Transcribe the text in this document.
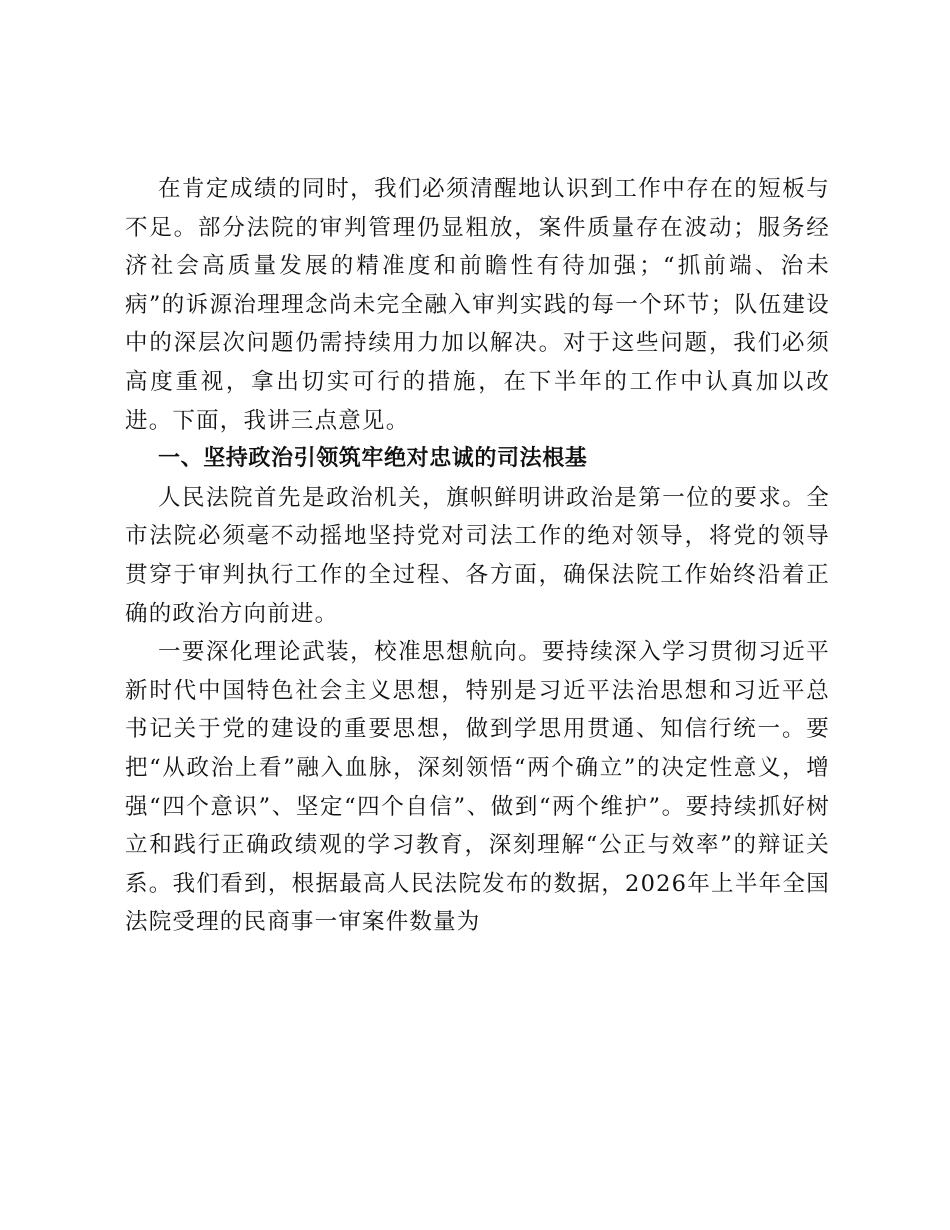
在肯定成绩的同时，我们必须清醒地认识到工作中存在的短板与不足。部分法院的审判管理仍显粗放，案件质量存在波动；服务经济社会高质量发展的精准度和前瞻性有待加强；“抓前端、治未病”的诉源治理理念尚未完全融入审判实践的每一个环节；队伍建设中的深层次问题仍需持续用力加以解决。对于这些问题，我们必须高度重视，拿出切实可行的措施，在下半年的工作中认真加以改进。下面，我讲三点意见。

一、坚持政治引领筑牢绝对忠诚的司法根基

人民法院首先是政治机关，旗帜鲜明讲政治是第一位的要求。全市法院必须毫不动摇地坚持党对司法工作的绝对领导，将党的领导贯穿于审判执行工作的全过程、各方面，确保法院工作始终沿着正确的政治方向前进。

一要深化理论武装，校准思想航向。要持续深入学习贯彻习近平新时代中国特色社会主义思想，特别是习近平法治思想和习近平总书记关于党的建设的重要思想，做到学思用贯通、知信行统一。要把“从政治上看”融入血脉，深刻领悟“两个确立”的决定性意义，增强“四个意识”、坚定“四个自信”、做到“两个维护”。要持续抓好树立和践行正确政绩观的学习教育，深刻理解“公正与效率”的辩证关系。我们看到，根据最高人民法院发布的数据，2026年上半年全国法院受理的民商事一审案件数量为
